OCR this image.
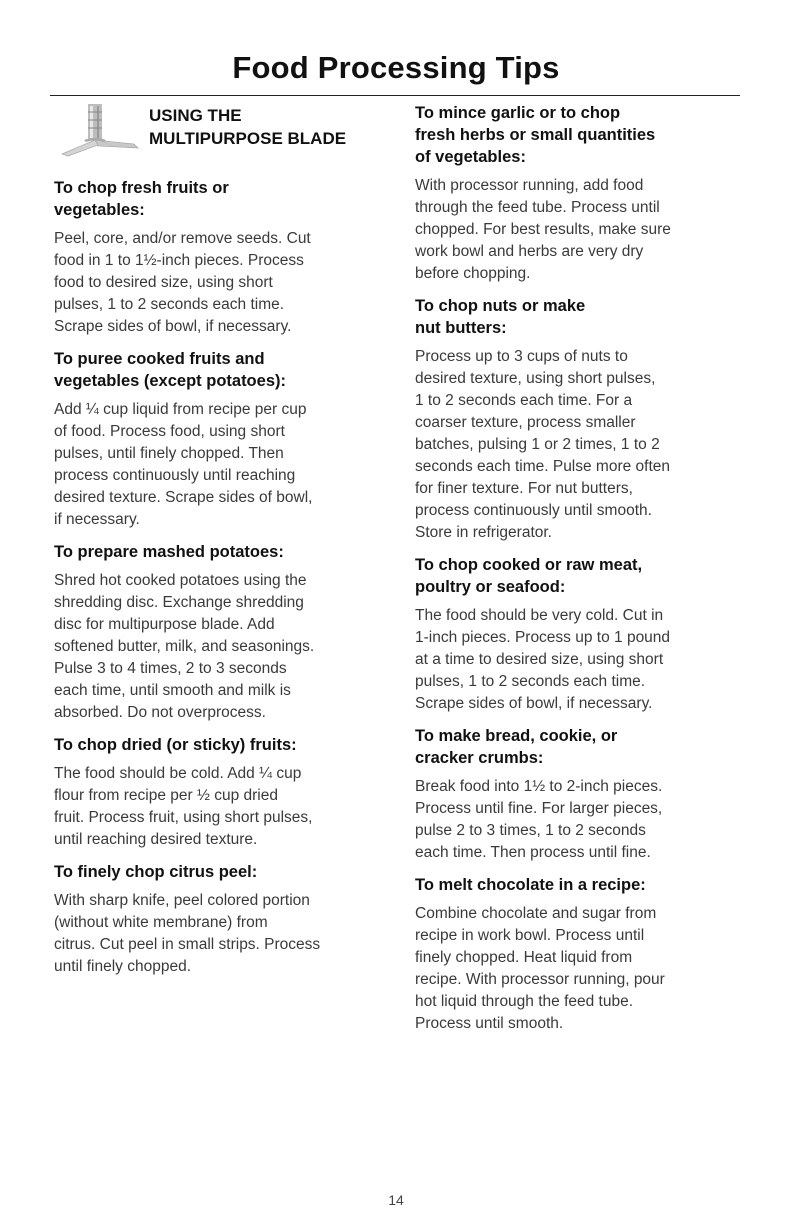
Food Processing Tips
USING THE
MULTIPURPOSE BLADE
To chop fresh fruits or
vegetables:

Peel, core, and/or remove seeds. Cut
food in 1 to 1½-inch pieces. Process
food to desired size, using short
pulses, 1 to 2 seconds each time.
Scrape sides of bowl, if necessary.

To puree cooked fruits and
vegetables (except potatoes):

Add ¼ cup liquid from recipe per cup
of food. Process food, using short
pulses, until finely chopped. Then
process continuously until reaching
desired texture. Scrape sides of bowl,
if necessary.

To prepare mashed potatoes:

Shred hot cooked potatoes using the
shredding disc. Exchange shredding
disc for multipurpose blade. Add
softened butter, milk, and seasonings.
Pulse 3 to 4 times, 2 to 3 seconds
each time, until smooth and milk is
absorbed. Do not overprocess.

To chop dried (or sticky) fruits:

The food should be cold. Add ¼ cup
flour from recipe per ½ cup dried
fruit. Process fruit, using short pulses,
until reaching desired texture.

To finely chop citrus peel:

With sharp knife, peel colored portion
(without white membrane) from
citrus. Cut peel in small strips. Process
until finely chopped.

To mince garlic or to chop
fresh herbs or small quantities
of vegetables:

With processor running, add food
through the feed tube. Process until
chopped. For best results, make sure
work bowl and herbs are very dry
before chopping.

To chop nuts or make
nut butters:

Process up to 3 cups of nuts to
desired texture, using short pulses,
1 to 2 seconds each time. For a
coarser texture, process smaller
batches, pulsing 1 or 2 times, 1 to 2
seconds each time. Pulse more often
for finer texture. For nut butters,
process continuously until smooth.
Store in refrigerator.

To chop cooked or raw meat,
poultry or seafood:

The food should be very cold. Cut in
1-inch pieces. Process up to 1 pound
at a time to desired size, using short
pulses, 1 to 2 seconds each time.
Scrape sides of bowl, if necessary.

To make bread, cookie, or
cracker crumbs:

Break food into 1½ to 2-inch pieces.
Process until fine. For larger pieces,
pulse 2 to 3 times, 1 to 2 seconds
each time. Then process until fine.

To melt chocolate in a recipe:

Combine chocolate and sugar from
recipe in work bowl. Process until
finely chopped. Heat liquid from
recipe. With processor running, pour
hot liquid through the feed tube.
Process until smooth.

14
